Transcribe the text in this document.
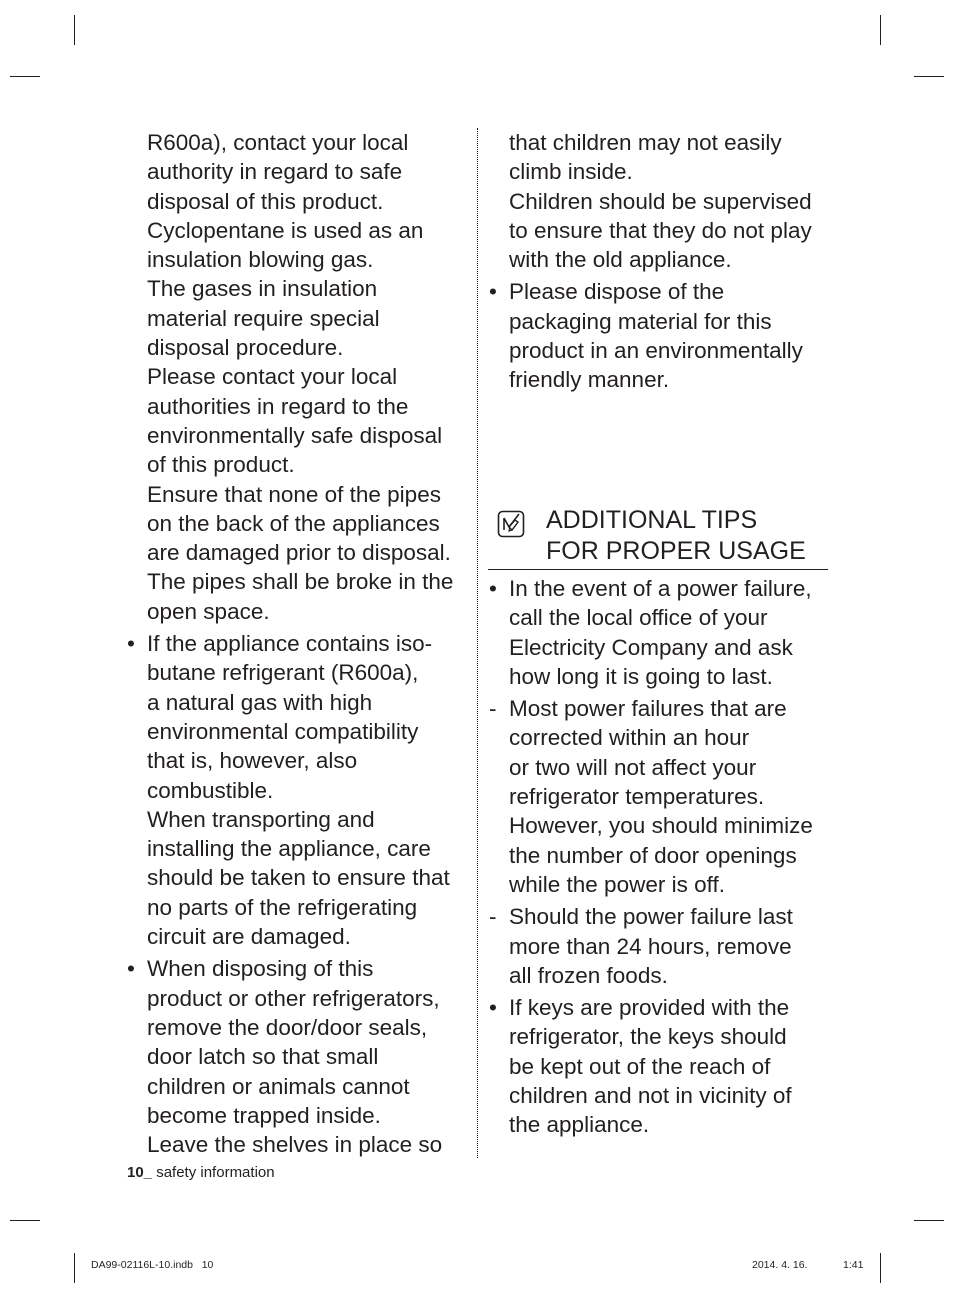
R600a), contact your local
authority in regard to safe
disposal of this product.
Cyclopentane is used as an
insulation blowing gas.
The gases in insulation
material require special
disposal procedure.
Please contact your local
authorities in regard to the
environmentally safe disposal
of this product.
Ensure that none of the pipes
on the back of the appliances
are damaged prior to disposal.
The pipes shall be broke in the
open space.
• If the appliance contains iso-
butane refrigerant (R600a),
a natural gas with high
environmental compatibility
that is, however, also
combustible.
When transporting and
installing the appliance, care
should be taken to ensure that
no parts of the refrigerating
circuit are damaged.
• When disposing of this
product or other refrigerators,
remove the door/door seals,
door latch so that small
children or animals cannot
become trapped inside.
Leave the shelves in place so
that children may not easily
climb inside.
Children should be supervised
to ensure that they do not play
with the old appliance.
• Please dispose of the
packaging material for this
product in an environmentally
friendly manner.
ADDITIONAL TIPS
FOR PROPER USAGE
• In the event of a power failure,
call the local office of your
Electricity Company and ask
how long it is going to last.
- Most power failures that are
corrected within an hour
or two will not affect your
refrigerator temperatures.
However, you should minimize
the number of door openings
while the power is off.
- Should the power failure last
more than 24 hours, remove
all frozen foods.
• If keys are provided with the
refrigerator, the keys should
be kept out of the reach of
children and not in vicinity of
the appliance.
10_ safety information
DA99-02116L-10.indb   10	2014. 4. 16.	1:41
